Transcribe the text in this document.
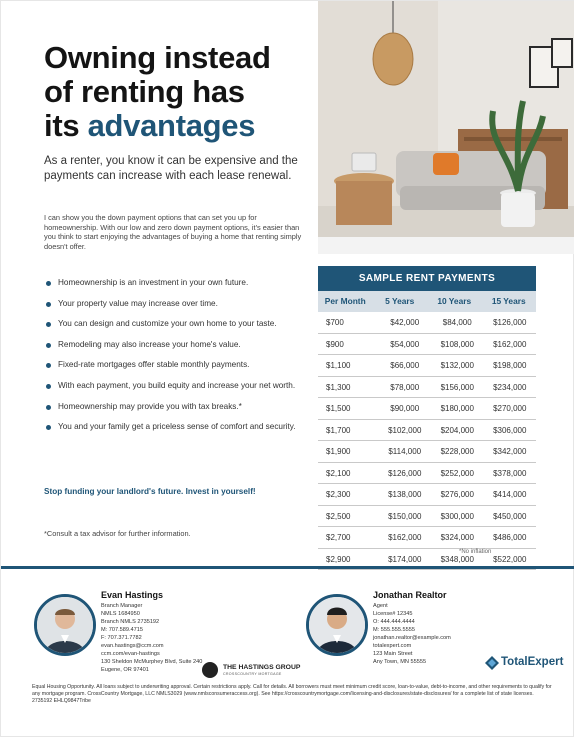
Owning instead
of renting has
its advantages

As a renter, you know it can be expensive and the payments can increase with each lease renewal.

I can show you the down payment options that can set you up for homeownership. With our low and zero down payment options, it's easier than you think to start enjoying the advantages of buying a home that renting simply doesn't offer.

Homeownership is an investment in your own future.
Your property value may increase over time.
You can design and customize your own home to your taste.
Remodeling may also increase your home's value.
Fixed-rate mortgages offer stable monthly payments.
With each payment, you build equity and increase your net worth.
Homeownership may provide you with tax breaks.*
You and your family get a priceless sense of comfort and security.

Stop funding your landlord's future. Invest in yourself!

*Consult a tax advisor for further information.

SAMPLE RENT PAYMENTS
Per Month	5 Years	10 Years	15 Years
$700	$42,000	$84,000	$126,000
$900	$54,000	$108,000	$162,000
$1,100	$66,000	$132,000	$198,000
$1,300	$78,000	$156,000	$234,000
$1,500	$90,000	$180,000	$270,000
$1,700	$102,000	$204,000	$306,000
$1,900	$114,000	$228,000	$342,000
$2,100	$126,000	$252,000	$378,000
$2,300	$138,000	$276,000	$414,000
$2,500	$150,000	$300,000	$450,000
$2,700	$162,000	$324,000	$486,000
$2,900	$174,000	$348,000	$522,000
*No inflation
Evan Hastings
Branch Manager
NMLS 1684950
Branch NMLS 2735192
M: 707.589.4715
F: 707.371.7782
evan.hastings@ccm.com
ccm.com/evan-hastings
130 Sheldon McMurphey Blvd, Suite 240
Eugene, OR 97401	THE HASTINGS GROUP
CROSSCOUNTRY MORTGAGE
Jonathan Realtor
Agent
License# 12345
O: 444.444.4444
M: 555.555.5555
jonathan.realtor@example.com
totalexpert.com
123 Main Street
Any Town, MN 55555	TotalExpert

Equal Housing Opportunity. All loans subject to underwriting approval. Certain restrictions apply. Call for details. All borrowers must meet minimum credit score, loan-to-value, debt-to-income, and other requirements to qualify for any mortgage program. CrossCountry Mortgage, LLC NMLS3029 (www.nmlsconsumeraccess.org). See https://crosscountrymortgage.com/licensing-and-disclosures/state-disclosures/ for a complete list of state licenses. 2735192 EHLQ9847Tribe
